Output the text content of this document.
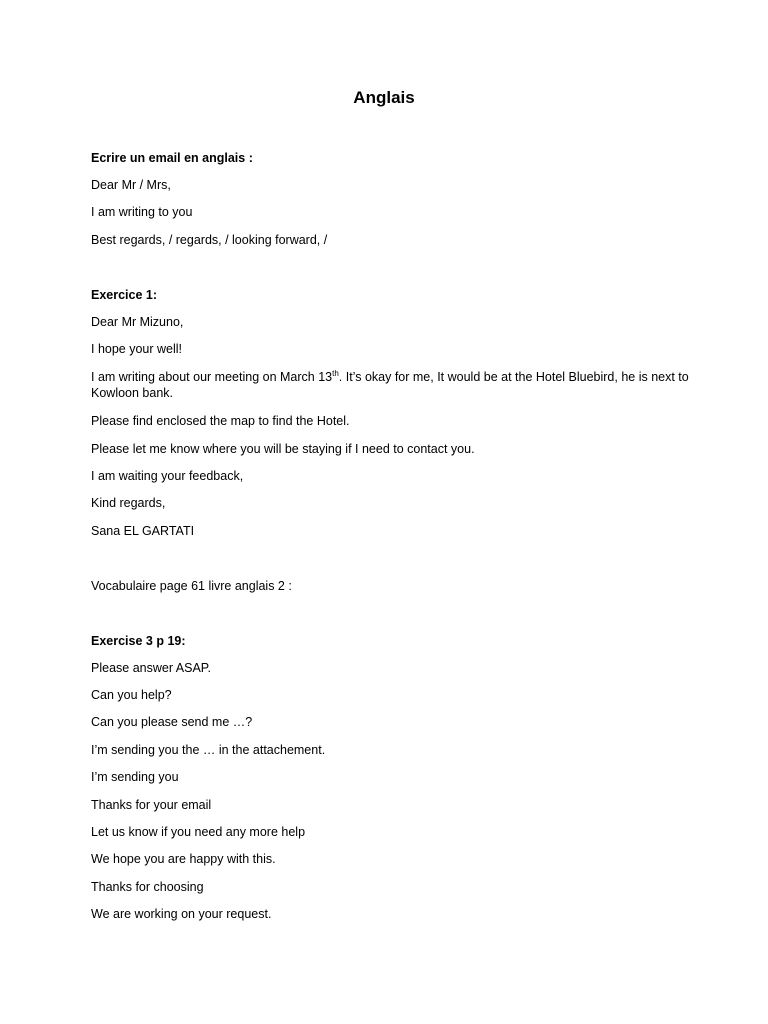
Anglais
Ecrire un email en anglais :
Dear Mr / Mrs,
I am writing to you
Best regards, / regards, / looking forward, /
Exercice 1:
Dear Mr Mizuno,
I hope your well!
I am writing about our meeting on March 13th. It’s okay for me, It would be at the Hotel Bluebird, he is next to Kowloon bank.
Please find enclosed the map to find the Hotel.
Please let me know where you will be staying if I need to contact you.
I am waiting your feedback,
Kind regards,
Sana EL GARTATI
Vocabulaire page 61 livre anglais 2 :
Exercise 3 p 19:
Please answer ASAP.
Can you help?
Can you please send me …?
I’m sending you the … in the attachement.
I’m sending you
Thanks for your email
Let us know if you need any more help
We hope you are happy with this.
Thanks for choosing
We are working on your request.
